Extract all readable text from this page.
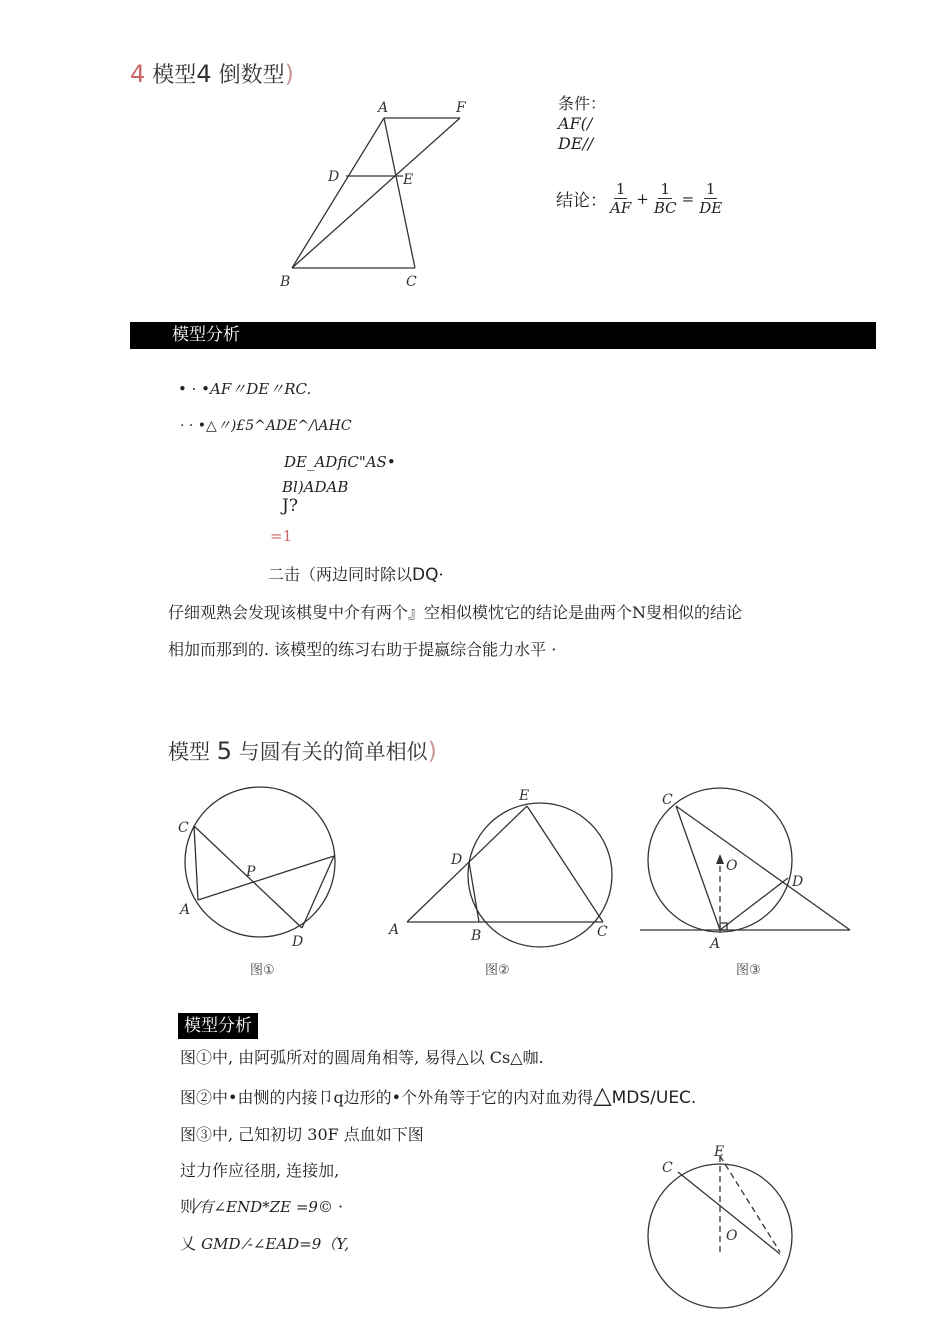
4 模型4 倒数型)
A	F
D	E
B	C
条件：
AF(/
DE//
结论： $\frac{1}{AF} + \frac{1}{BC} = \frac{1}{DE}$
模型分析
• · •AF〃DE〃RC.
· · •△〃)£5^ADE^/\AHC
DE_ADfiC"AS•
Bl)ADAB
J?
=1
二击（两边同时除以DQ·
仔细观熟会发现该棋叟中介有两个』空相似模忱它的结论是曲两个N叟相似的结论
相加而那到的. 该模型的练习右助于提嬴综合能力水平 ·
模型 5 与圆有关的简单相似)
C
P
A
D
图①
E
D
A	B	C
图②
C
O
D
A
图③
模型分析
图①中, 由阿弧所对的圆周角相等, 易得△以 Cs△咖.
图②中•由恻的内接卩q边形的•个外角等于它的内对血劝得△MDS/UEC.
图③中, 己知初切 30F 点血如下图
过力作应径朋, 连接加,
则⁄有∠END*ZE =9© ·
乂 GMD ⁄-∠EAD=9（Y,
E
C
O
